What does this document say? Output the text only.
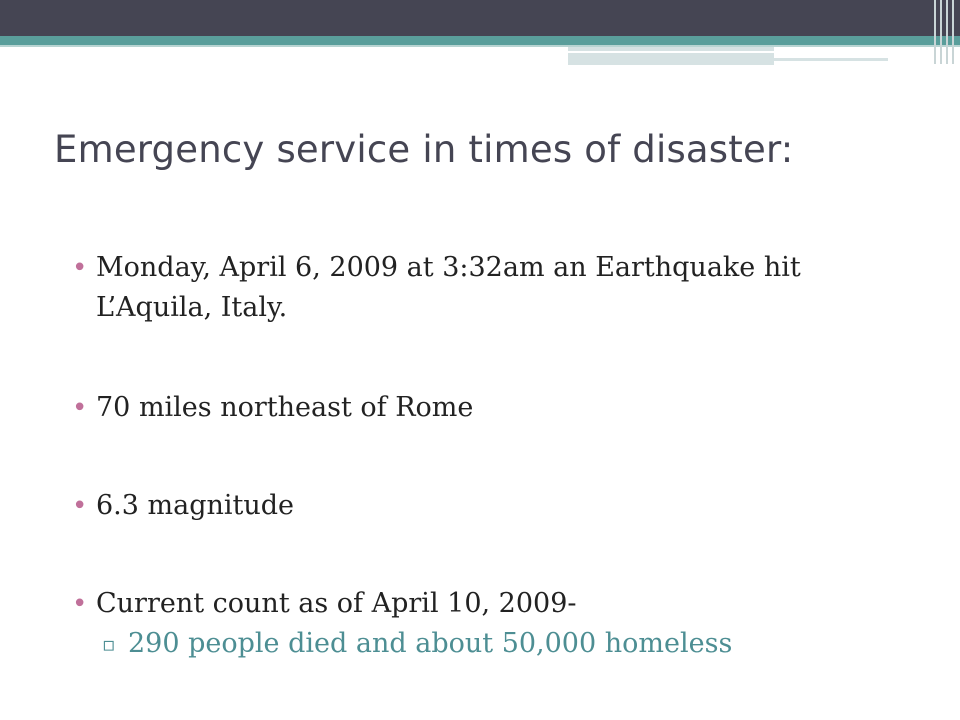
Emergency service in times of disaster:
• Monday, April 6, 2009 at 3:32am an Earthquake hit L’Aquila, Italy.
• 70 miles northeast of Rome
• 6.3 magnitude
• Current count as of April 10, 2009-
▫ 290 people died and about 50,000 homeless
